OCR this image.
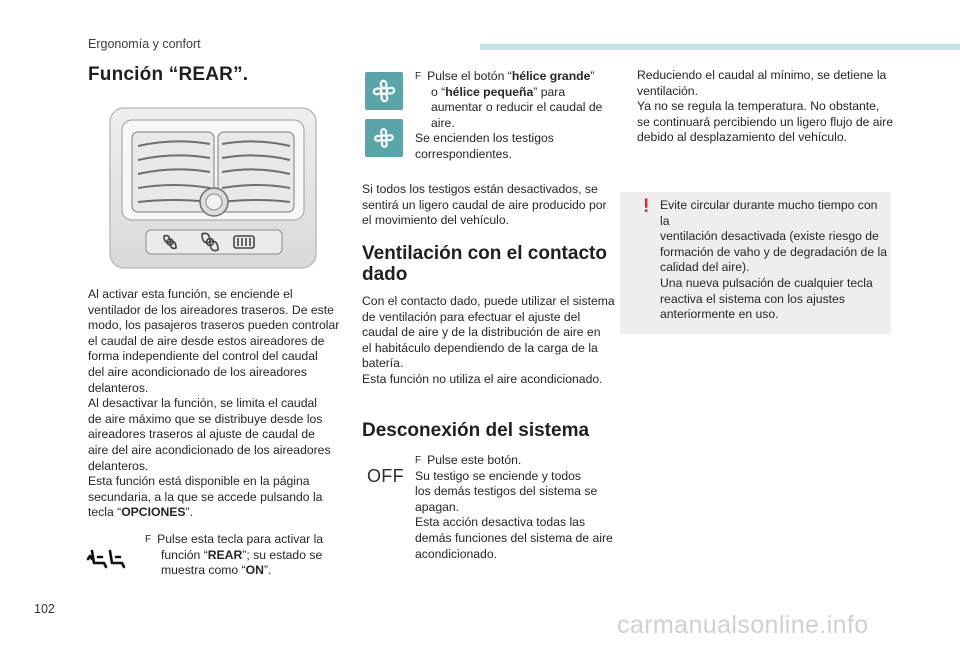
Ergonomía y confort
Función “REAR”.

Al activar esta función, se enciende el

ventilador de los aireadores traseros. De este

modo, los pasajeros traseros pueden controlar

el caudal de aire desde estos aireadores de

forma independiente del control del caudal

del aire acondicionado de los aireadores

delanteros.

Al desactivar la función, se limita el caudal

de aire máximo que se distribuye desde los

aireadores traseros al ajuste de caudal de

aire del aire acondicionado de los aireadores

delanteros.

Esta función está disponible en la página

secundaria, a la que se accede pulsando la

tecla “OPCIONES”.

F Pulse esta tecla para activar la

función “REAR”; su estado se

muestra como “ON”.

F Pulse el botón “hélice grande”

o “hélice pequeña” para

aumentar o reducir el caudal de

aire.

Se encienden los testigos

correspondientes.

Si todos los testigos están desactivados, se

sentirá un ligero caudal de aire producido por

el movimiento del vehículo.

Ventilación con el contacto
dado

Con el contacto dado, puede utilizar el sistema

de ventilación para efectuar el ajuste del

caudal de aire y de la distribución de aire en

el habitáculo dependiendo de la carga de la

batería.

Esta función no utiliza el aire acondicionado.

Desconexión del sistema
OFF

F Pulse este botón.

Su testigo se enciende y todos

los demás testigos del sistema se

apagan.

Esta acción desactiva todas las

demás funciones del sistema de aire

acondicionado.

Reduciendo el caudal al mínimo, se detiene la

ventilación.

Ya no se regula la temperatura. No obstante,

se continuará percibiendo un ligero flujo de aire

debido al desplazamiento del vehículo.

! Evite circular durante mucho tiempo con la

ventilación desactivada (existe riesgo de

formación de vaho y de degradación de la

calidad del aire).

Una nueva pulsación de cualquier tecla

reactiva el sistema con los ajustes

anteriormente en uso.

102
carmanualsonline.info
